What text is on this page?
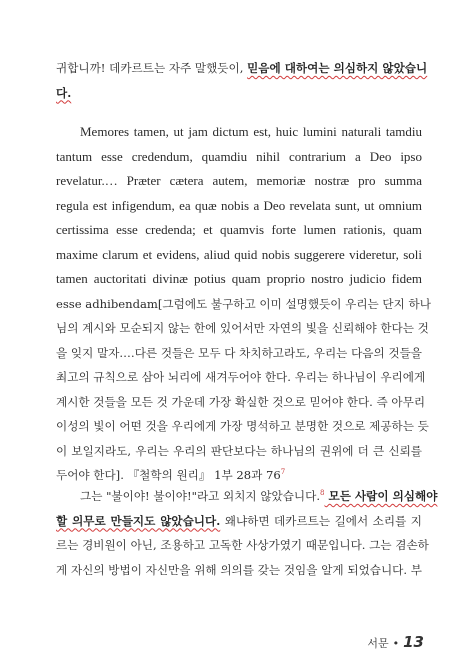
귀합니까! 데카르트는 자주 말했듯이, 믿음에 대하여는 의심하지 않았습니
다.
Memores tamen, ut jam dictum est, huic lumini naturali tamdiu
tantum esse credendum, quamdiu nihil contrarium a Deo ipso
revelatur.… Præter cætera autem, memoriæ nostræ pro summa
regula est infigendum, ea quæ nobis a Deo revelata sunt, ut omnium
certissima esse credenda; et quamvis forte lumen rationis, quam
maxime clarum et evidens, aliud quid nobis suggerere videretur, soli
tamen auctoritati divinæ potius quam proprio nostro judicio fidem
esse adhibendam[그럼에도 불구하고 이미 설명했듯이 우리는 단지 하나
님의 계시와 모순되지 않는 한에 있어서만 자연의 빛을 신뢰해야 한다는 것
을 잊지 말자.…다른 것들은 모두 다 차치하고라도, 우리는 다음의 것들을
최고의 규칙으로 삼아 뇌리에 새겨두어야 한다. 우리는 하나님이 우리에게
계시한 것들을 모든 것 가운데 가장 확실한 것으로 믿어야 한다. 즉 아무리
이성의 빛이 어떤 것을 우리에게 가장 명석하고 분명한 것으로 제공하는 듯
이 보일지라도, 우리는 우리의 판단보다는 하나님의 권위에 더 큰 신뢰를
두어야 한다]. 『철학의 원리』 1부 28과 76$^7$
그는 "불이야! 불이야!"라고 외치지 않았습니다.$^8$ 모든 사람이 의심해야
할 의무로 만들지도 않았습니다. 왜냐하면 데카르트는 길에서 소리를 지
르는 경비원이 아닌, 조용하고 고독한 사상가였기 때문입니다. 그는 겸손하
게 자신의 방법이 자신만을 위해 의의를 갖는 것임을 알게 되었습니다. 부
서문 • 13
